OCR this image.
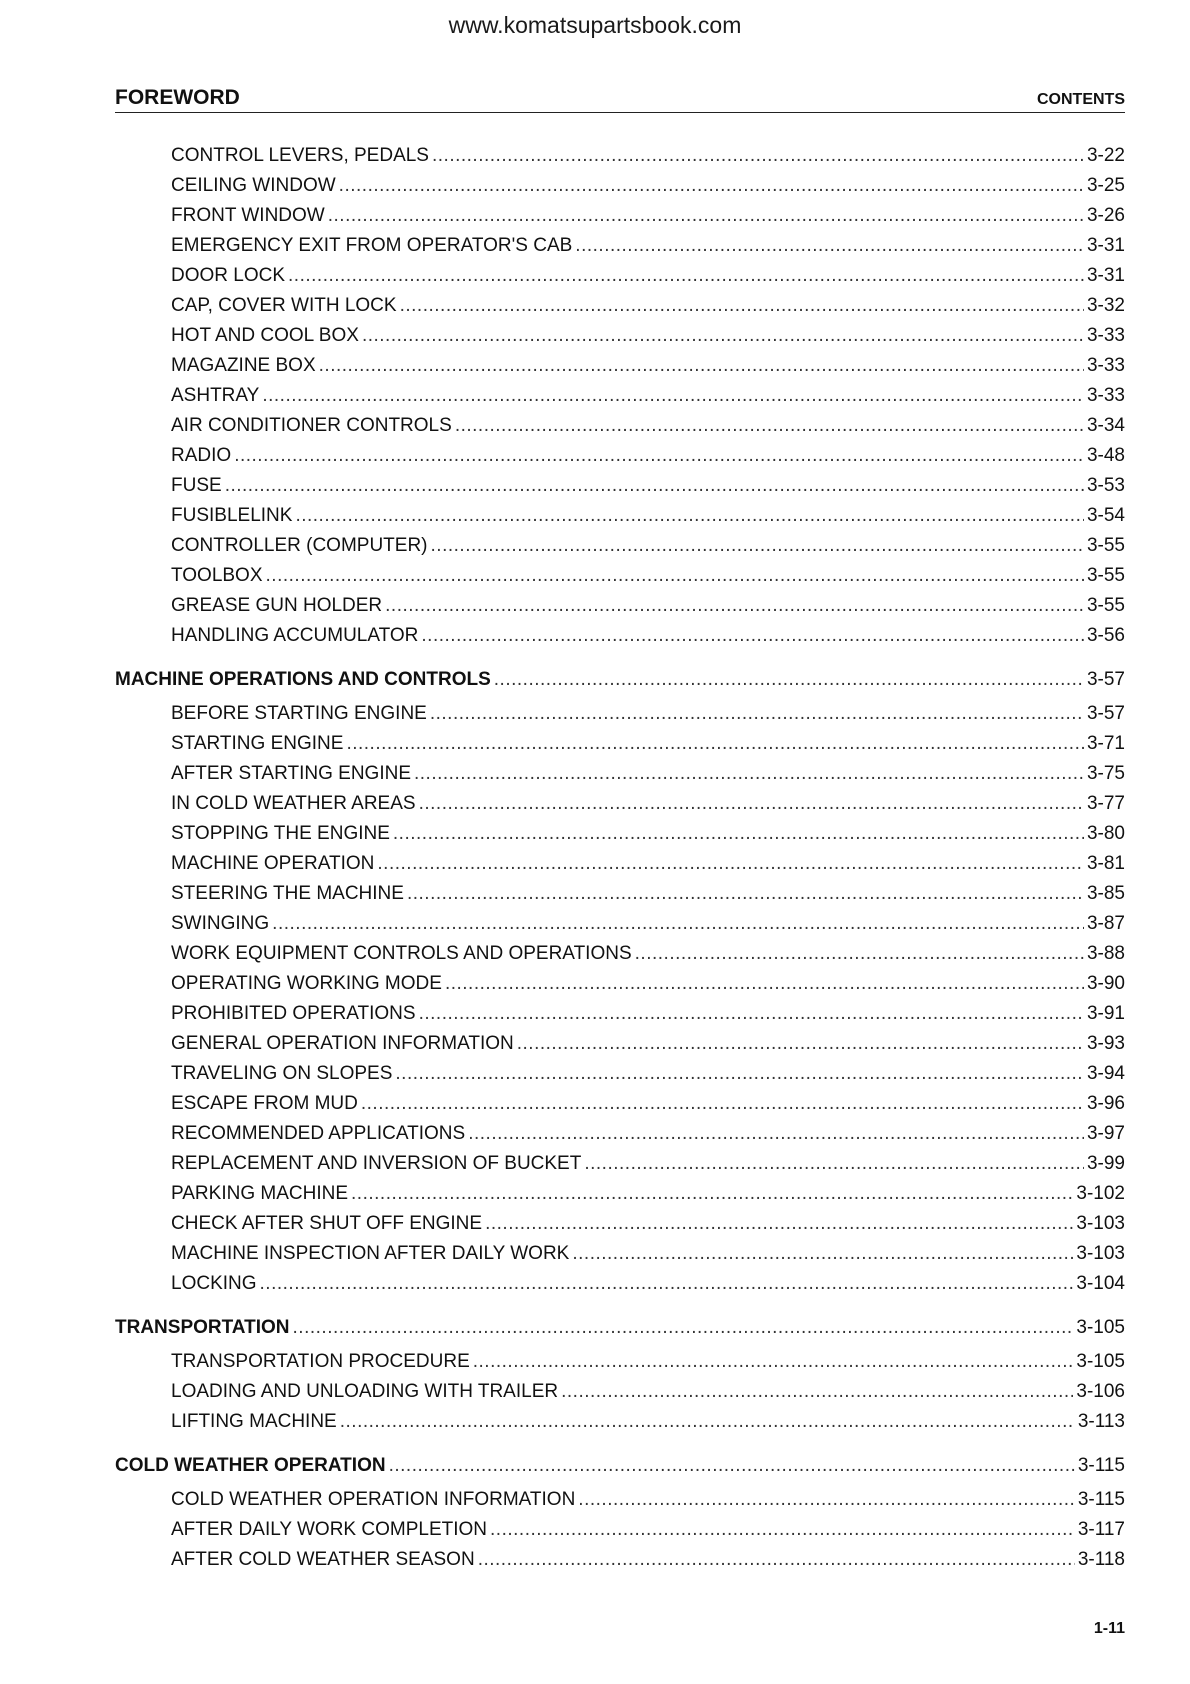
www.komatsupartsbook.com
FOREWORD	CONTENTS
CONTROL LEVERS, PEDALS .....	3-22
CEILING WINDOW .....	3-25
FRONT WINDOW .....	3-26
EMERGENCY EXIT FROM OPERATOR'S CAB .....	3-31
DOOR LOCK .....	3-31
CAP, COVER WITH LOCK .....	3-32
HOT AND COOL BOX .....	3-33
MAGAZINE BOX .....	3-33
ASHTRAY .....	3-33
AIR CONDITIONER CONTROLS .....	3-34
RADIO .....	3-48
FUSE .....	3-53
FUSIBLELINK .....	3-54
CONTROLLER (COMPUTER) .....	3-55
TOOLBOX .....	3-55
GREASE GUN HOLDER .....	3-55
HANDLING ACCUMULATOR .....	3-56
MACHINE OPERATIONS AND CONTROLS .....	3-57
BEFORE STARTING ENGINE .....	3-57
STARTING ENGINE .....	3-71
AFTER STARTING ENGINE .....	3-75
IN COLD WEATHER AREAS .....	3-77
STOPPING THE ENGINE .....	3-80
MACHINE OPERATION .....	3-81
STEERING THE MACHINE .....	3-85
SWINGING .....	3-87
WORK EQUIPMENT CONTROLS AND OPERATIONS .....	3-88
OPERATING WORKING MODE .....	3-90
PROHIBITED OPERATIONS .....	3-91
GENERAL OPERATION INFORMATION .....	3-93
TRAVELING ON SLOPES .....	3-94
ESCAPE FROM MUD .....	3-96
RECOMMENDED APPLICATIONS .....	3-97
REPLACEMENT AND INVERSION OF BUCKET .....	3-99
PARKING MACHINE .....	3-102
CHECK AFTER SHUT OFF ENGINE .....	3-103
MACHINE INSPECTION AFTER DAILY WORK .....	3-103
LOCKING .....	3-104
TRANSPORTATION .....	3-105
TRANSPORTATION PROCEDURE .....	3-105
LOADING AND UNLOADING WITH TRAILER .....	3-106
LIFTING MACHINE .....	3-113
COLD WEATHER OPERATION .....	3-115
COLD WEATHER OPERATION INFORMATION .....	3-115
AFTER DAILY WORK COMPLETION .....	3-117
AFTER COLD WEATHER SEASON .....	3-118
1-11
